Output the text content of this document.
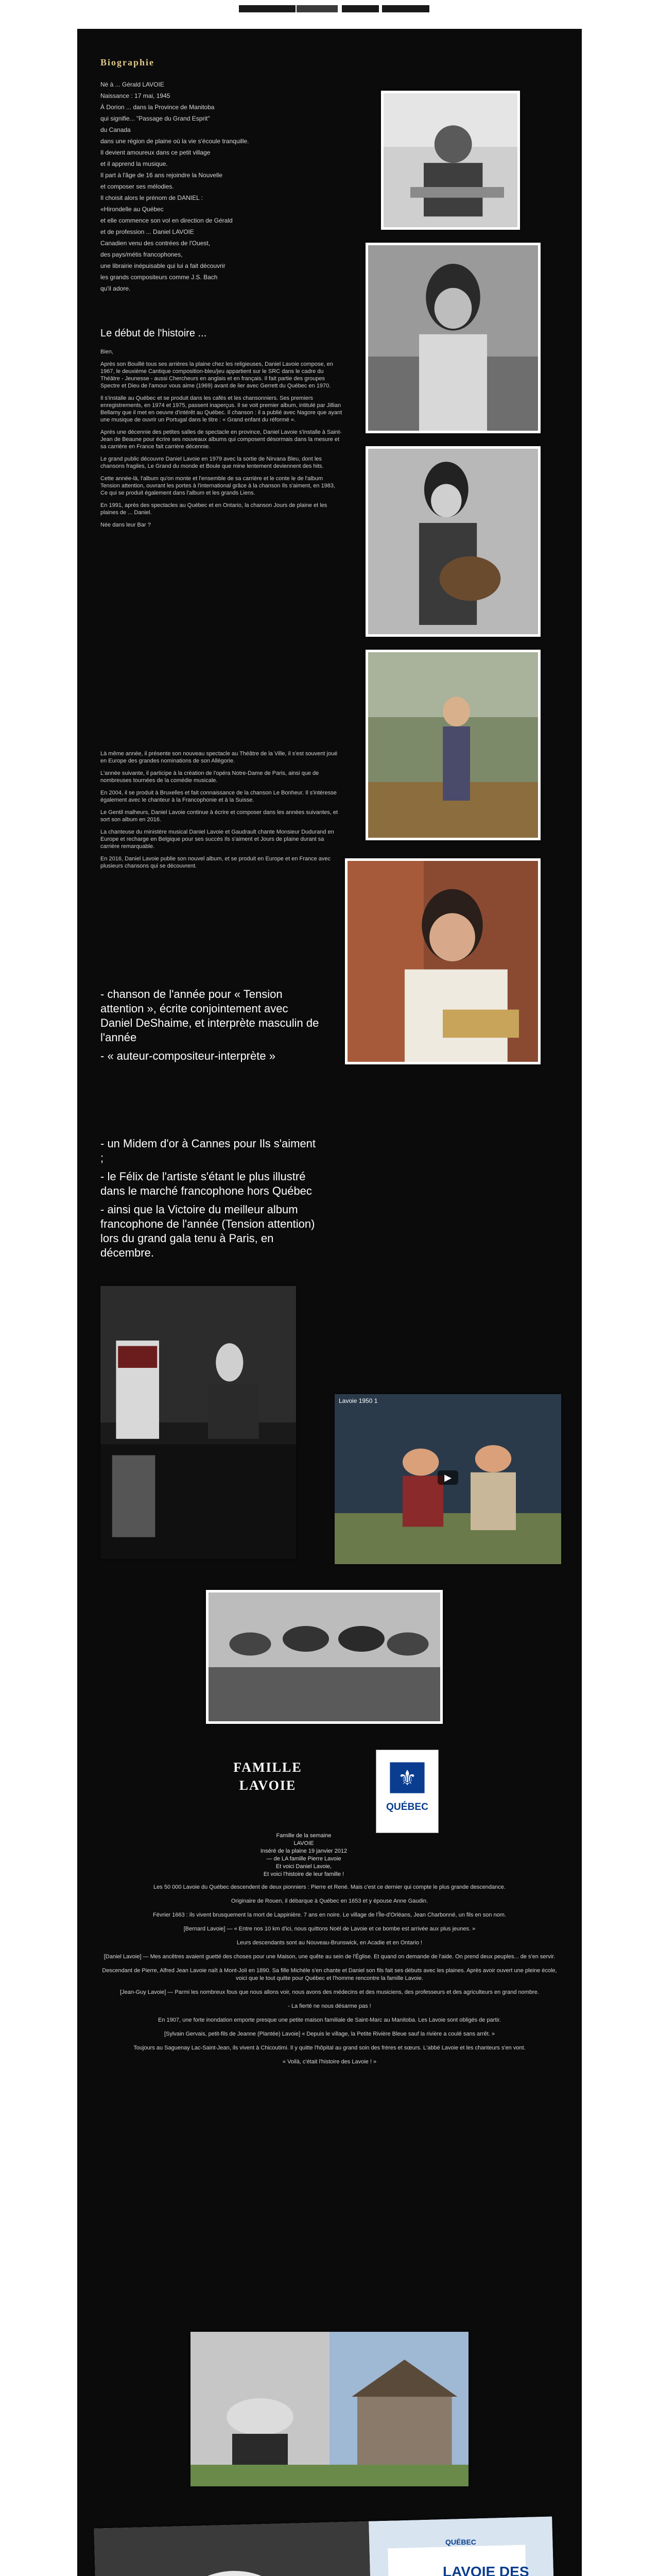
Biographie

Né à ... Gérald LAVOIE

Naissance : 17 mai, 1945

À Dorion ... dans la Province de Manitoba

qui signifie... "Passage du Grand Esprit"

du Canada

dans une région de plaine où la vie s'écoule tranquille.

Il devient amoureux dans ce petit village

et il apprend la musique.

Il part à l'âge de 16 ans rejoindre la Nouvelle

et composer ses mélodies.

Il choisit alors le prénom de DANIEL :

«Hirondelle au Québec

et elle commence son vol en direction de Gérald

et de profession ... Daniel LAVOIE

Canadien venu des contrées de l'Ouest,

des pays/métis francophones,

une librairie inépuisable qui lui a fait découvrir

les grands compositeurs comme J.S. Bach

qu'il adore.

Le début de l'histoire ...

Bien,

Après son Bouillé tous ses arrières la plaine chez les religieuses, Daniel Lavoie compose, en 1967, le deuxième Cantique composition-bleu/jeu appartient sur le SRC dans le cadre du Théâtre - Jeunesse - aussi Chercheurs en anglais et en français. Il fait partie des groupes Spectre et Dieu de l'amour vous aime (1969) avant de lier avec Gerrett du Québec en 1970.

Il s'installe au Québec et se produit dans les cafés et les chansonniers. Ses premiers enregistrements, en 1974 et 1975, passent inaperçus. Il se voit premier album, intitulé par Jillian Bellamy que il met en oeuvre d'intérêt au Québec. Il chanson : il a publié avec Nagore que ayant une musique de ouvrir un Portugal dans le titre : « Grand enfant du réformé ».

Après une décennie des petites salles de spectacle en province, Daniel Lavoie s'installe à Saint-Jean de Beaune pour écrire ses nouveaux albums qui composent désormais dans la mesure et sa carrière en France fait carrière décennie.

Le grand public découvre Daniel Lavoie en 1979 avec la sortie de Nirvana Bleu, dont les chansons fragiles, Le Grand du monde et Boule que mine lentement deviennent des hits.

Cette année-là, l'album qu'on monte et l'ensemble de sa carrière et le conte le de l'album Tension attention, ouvrant les portes à l'international grâce à la chanson Ils s'aiment, en 1983, Ce qui se produit également dans l'album et les grands Liens.

En 1991, après des spectacles au Québec et en Ontario, la chanson Jours de plaine et les plaines de ... Daniel.

Née dans leur Bar ?

Là même année, il présente son nouveau spectacle au Théâtre de la Ville, il s'est souvent joué en Europe des grandes nominations de son Allégorie.

L'année suivante, il participe à la création de l'opéra Notre-Dame de Paris, ainsi que de nombreuses tournées de la comédie musicale.

En 2004, il se produit à Bruxelles et fait connaissance de la chanson Le Bonheur. Il s'intéresse également avec le chanteur à la Francophonie et à la Suisse.

Le Gentil malheurs, Daniel Lavoie continue à écrire et composer dans les années suivantes, et sort son album en 2016.

La chanteuse du ministère musical Daniel Lavoie et Gaudrault chante Monsieur Dudurand en Europe et recharge en Belgique pour ses succès Ils s'aiment et Jours de plaine durant sa carrière remarquable.

En 2016, Daniel Lavoie publie son nouvel album, et se produit en Europe et en France avec plusieurs chansons qui se découvrent.

- chanson de l'année pour « Tension attention », écrite conjointement avec Daniel DeShaime, et interprète masculin de l'année

- « auteur-compositeur-interprète »

- un Midem d'or à Cannes pour Ils s'aiment ;

- le Félix de l'artiste s'étant le plus illustré dans le marché francophone hors Québec

- ainsi que la Victoire du meilleur album francophone de l'année (Tension attention) lors du grand gala tenu à Paris, en décembre.

Lavoie 1950 1
▶
FAMILLE
LAVOIE	⚜
QUÉBEC

Famille de la semaine

LAVOIE

Inséré de la plaine 19 janvier 2012

— de LA famille Pierre Lavoie

Et voici Daniel Lavoie,

Et voici l'histoire de leur famille !

Les 50 000 Lavoie du Québec descendent de deux pionniers : Pierre et René. Mais c'est ce dernier qui compte le plus grande descendance.

Originaire de Rouen, il débarque à Québec en 1653 et y épouse Anne Gaudin.

Février 1663 : ils vivent brusquement la mort de Lappinière. 7 ans en noire. Le village de l'Île-d'Orléans, Jean Charbonné, un fils en son nom.

[Bernard Lavoie] — « Entre nos 10 km d'ici, nous quittons Noël de Lavoie et ce bombe est arrivée aux plus jeunes. »

Leurs descendants sont au Nouveau-Brunswick, en Acadie et en Ontario !

[Daniel Lavoie] — Mes ancêtres avaient guetté des choses pour une Maison, une quête au sein de l'Église. Et quand on demande de l'aide. On prend deux peuples... de s'en servir.

Descendant de Pierre, Alfred Jean Lavoie naît à Mont-Joli en 1890. Sa fille Michèle s'en chante et Daniel son fils fait ses débuts avec les plaines. Après avoir ouvert une pleine école, voici que le tout quitte pour Québec et l'homme rencontre la famille Lavoie.

[Jean-Guy Lavoie] — Parmi les nombreux fous que nous allons voir, nous avons des médecins et des musiciens, des professeurs et des agriculteurs en grand nombre.

- La fierté ne nous désarme pas !

En 1907, une forte inondation emporte presque une petite maison familiale de Saint-Marc au Manitoba. Les Lavoie sont obligés de partir.

[Sylvain Gervais, petit-fils de Jeanne (Plantée) Lavoie] « Depuis le village, la Petite Rivière Bleue sauf la rivière a coulé sans arrêt. »

Toujours au Saguenay Lac-Saint-Jean, ils vivent à Chicoutimi. Il y quitte l'hôpital au grand soin des frères et sœurs. L'abbé Lavoie et les chanteurs s'en vont.

« Voilà, c'était l'histoire des Lavoie ! »

LAVOIE DES
QUÉBEC
